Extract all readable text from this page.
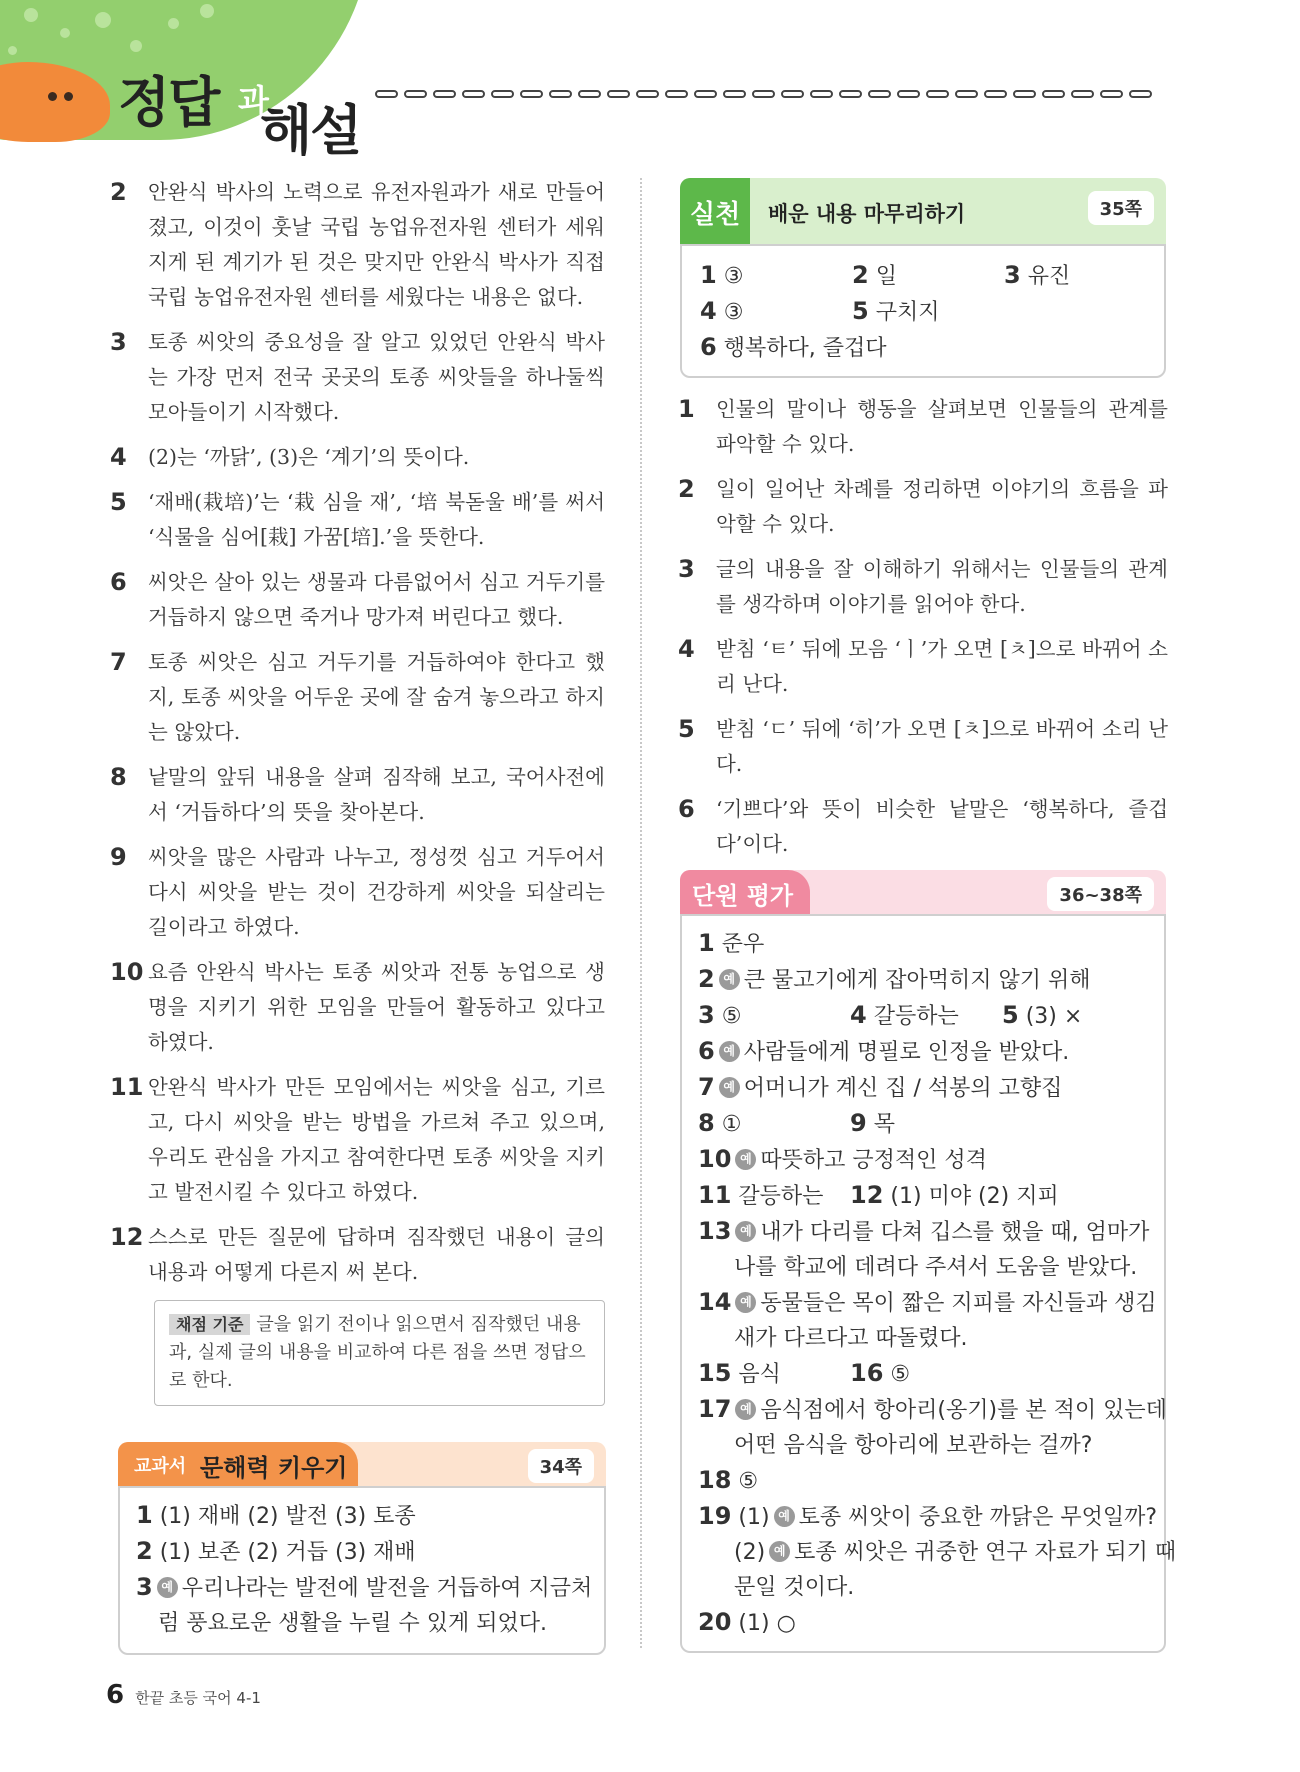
정답 과
해설
2	안완식 박사의 노력으로 유전자원과가 새로 만들어졌고, 이것이 훗날 국립 농업유전자원 센터가 세워지게 된 계기가 된 것은 맞지만 안완식 박사가 직접 국립 농업유전자원 센터를 세웠다는 내용은 없다.
3	토종 씨앗의 중요성을 잘 알고 있었던 안완식 박사는 가장 먼저 전국 곳곳의 토종 씨앗들을 하나둘씩 모아들이기 시작했다.
4	(2)는 ‘까닭’, (3)은 ‘계기’의 뜻이다.
5	‘재배(栽培)’는 ‘栽 심을 재’, ‘培 북돋울 배’를 써서 ‘식물을 심어[栽] 가꿈[培].’을 뜻한다.
6	씨앗은 살아 있는 생물과 다름없어서 심고 거두기를 거듭하지 않으면 죽거나 망가져 버린다고 했다.
7	토종 씨앗은 심고 거두기를 거듭하여야 한다고 했지, 토종 씨앗을 어두운 곳에 잘 숨겨 놓으라고 하지는 않았다.
8	낱말의 앞뒤 내용을 살펴 짐작해 보고, 국어사전에서 ‘거듭하다’의 뜻을 찾아본다.
9	씨앗을 많은 사람과 나누고, 정성껏 심고 거두어서 다시 씨앗을 받는 것이 건강하게 씨앗을 되살리는 길이라고 하였다.
10 요즘 안완식 박사는 토종 씨앗과 전통 농업으로 생명을 지키기 위한 모임을 만들어 활동하고 있다고 하였다.
11 안완식 박사가 만든 모임에서는 씨앗을 심고, 기르고, 다시 씨앗을 받는 방법을 가르쳐 주고 있으며, 우리도 관심을 가지고 참여한다면 토종 씨앗을 지키고 발전시킬 수 있다고 하였다.
12 스스로 만든 질문에 답하며 짐작했던 내용이 글의 내용과 어떻게 다른지 써 본다.
채점 기준 글을 읽기 전이나 읽으면서 짐작했던 내용과, 실제 글의 내용을 비교하여 다른 점을 쓰면 정답으로 한다.
교과서 문해력 키우기	34쪽
1 (1) 재배 (2) 발전 (3) 토종
2 (1) 보존 (2) 거듭 (3) 재배
3 예 우리나라는 발전에 발전을 거듭하여 지금처
럼 풍요로운 생활을 누릴 수 있게 되었다.
실천 배운 내용 마무리하기	35쪽
1 ③	2 일	3 유진
4 ③	5 구치지
6 행복하다, 즐겁다
1	인물의 말이나 행동을 살펴보면 인물들의 관계를 파악할 수 있다.
2	일이 일어난 차례를 정리하면 이야기의 흐름을 파악할 수 있다.
3	글의 내용을 잘 이해하기 위해서는 인물들의 관계를 생각하며 이야기를 읽어야 한다.
4	받침 ‘ㅌ’ 뒤에 모음 ‘ㅣ’가 오면 [ㅊ]으로 바뀌어 소리 난다.
5	받침 ‘ㄷ’ 뒤에 ‘히’가 오면 [ㅊ]으로 바뀌어 소리 난다.
6	‘기쁘다’와 뜻이 비슷한 낱말은 ‘행복하다, 즐겁다’이다.
단원 평가	36~38쪽
1 준우
2 예 큰 물고기에게 잡아먹히지 않기 위해
3 ⑤	4 갈등하는 5 (3) ×
6 예 사람들에게 명필로 인정을 받았다.
7 예 어머니가 계신 집 / 석봉의 고향집
8 ①	9 목
10 예 따뜻하고 긍정적인 성격
11 갈등하는 12 (1) 미야 (2) 지피
13 예 내가 다리를 다쳐 깁스를 했을 때, 엄마가
나를 학교에 데려다 주셔서 도움을 받았다.
14 예 동물들은 목이 짧은 지피를 자신들과 생김
새가 다르다고 따돌렸다.
15 음식	16 ⑤
17 예 음식점에서 항아리(옹기)를 본 적이 있는데
어떤 음식을 항아리에 보관하는 걸까?
18 ⑤
19 (1) 예 토종 씨앗이 중요한 까닭은 무엇일까?
(2) 예 토종 씨앗은 귀중한 연구 자료가 되기 때
문일 것이다.
20 (1) ○
6 한끝 초등 국어 4-1
